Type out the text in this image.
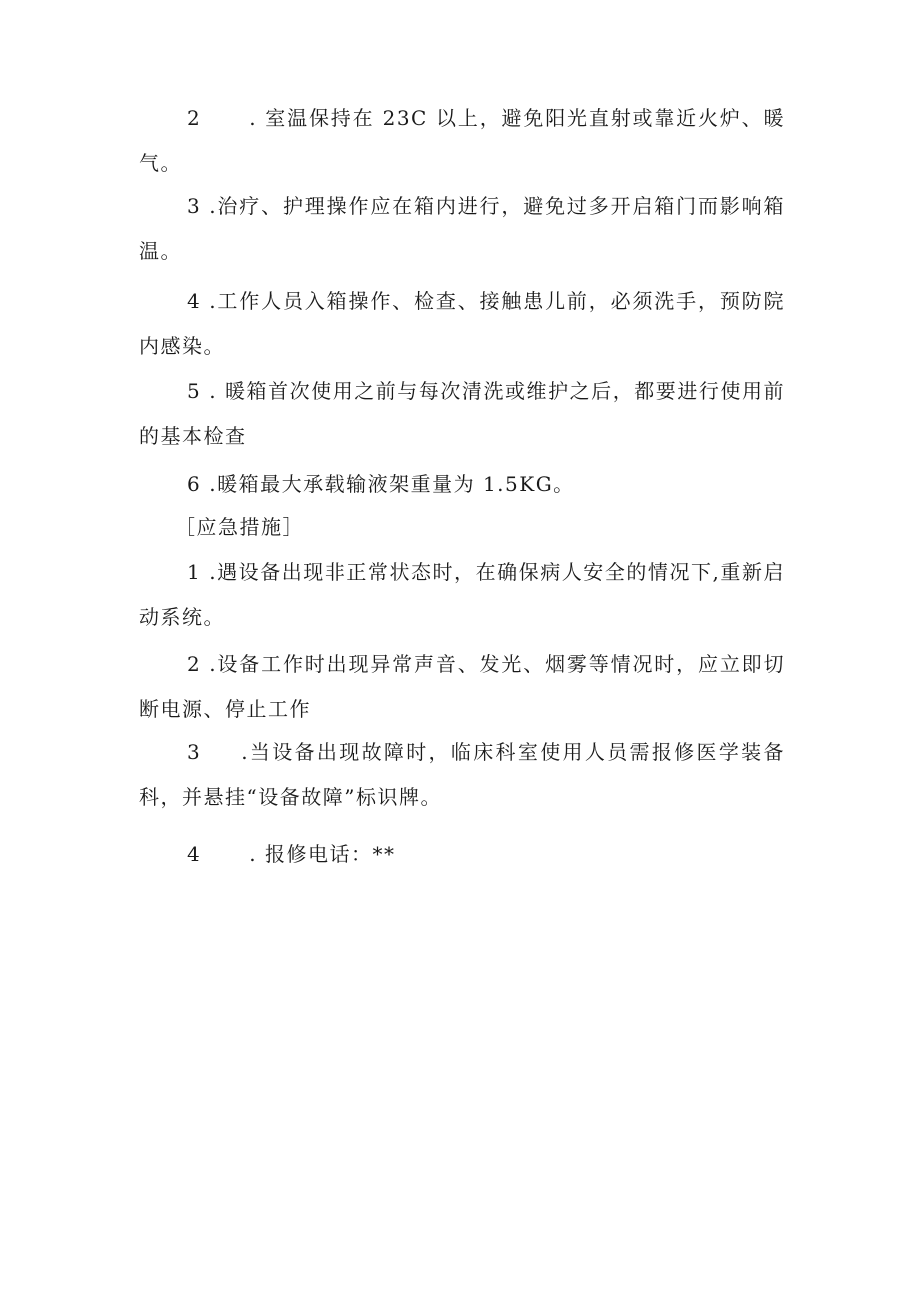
2 . 室温保持在 23C 以上，避免阳光直射或靠近火炉、暖气。

3 .治疗、护理操作应在箱内进行，避免过多开启箱门而影响箱温。

4 .工作人员入箱操作、检查、接触患儿前，必须洗手，预防院内感染。

5 . 暖箱首次使用之前与每次清洗或维护之后，都要进行使用前的基本检查

6 .暖箱最大承载输液架重量为 1.5KG。

［应急措施］

1 .遇设备出现非正常状态时，在确保病人安全的情况下,重新启动系统。

2 .设备工作时出现异常声音、发光、烟雾等情况时，应立即切断电源、停止工作

3 .当设备出现故障时，临床科室使用人员需报修医学装备科，并悬挂“设备故障”标识牌。

4 . 报修电话：**
